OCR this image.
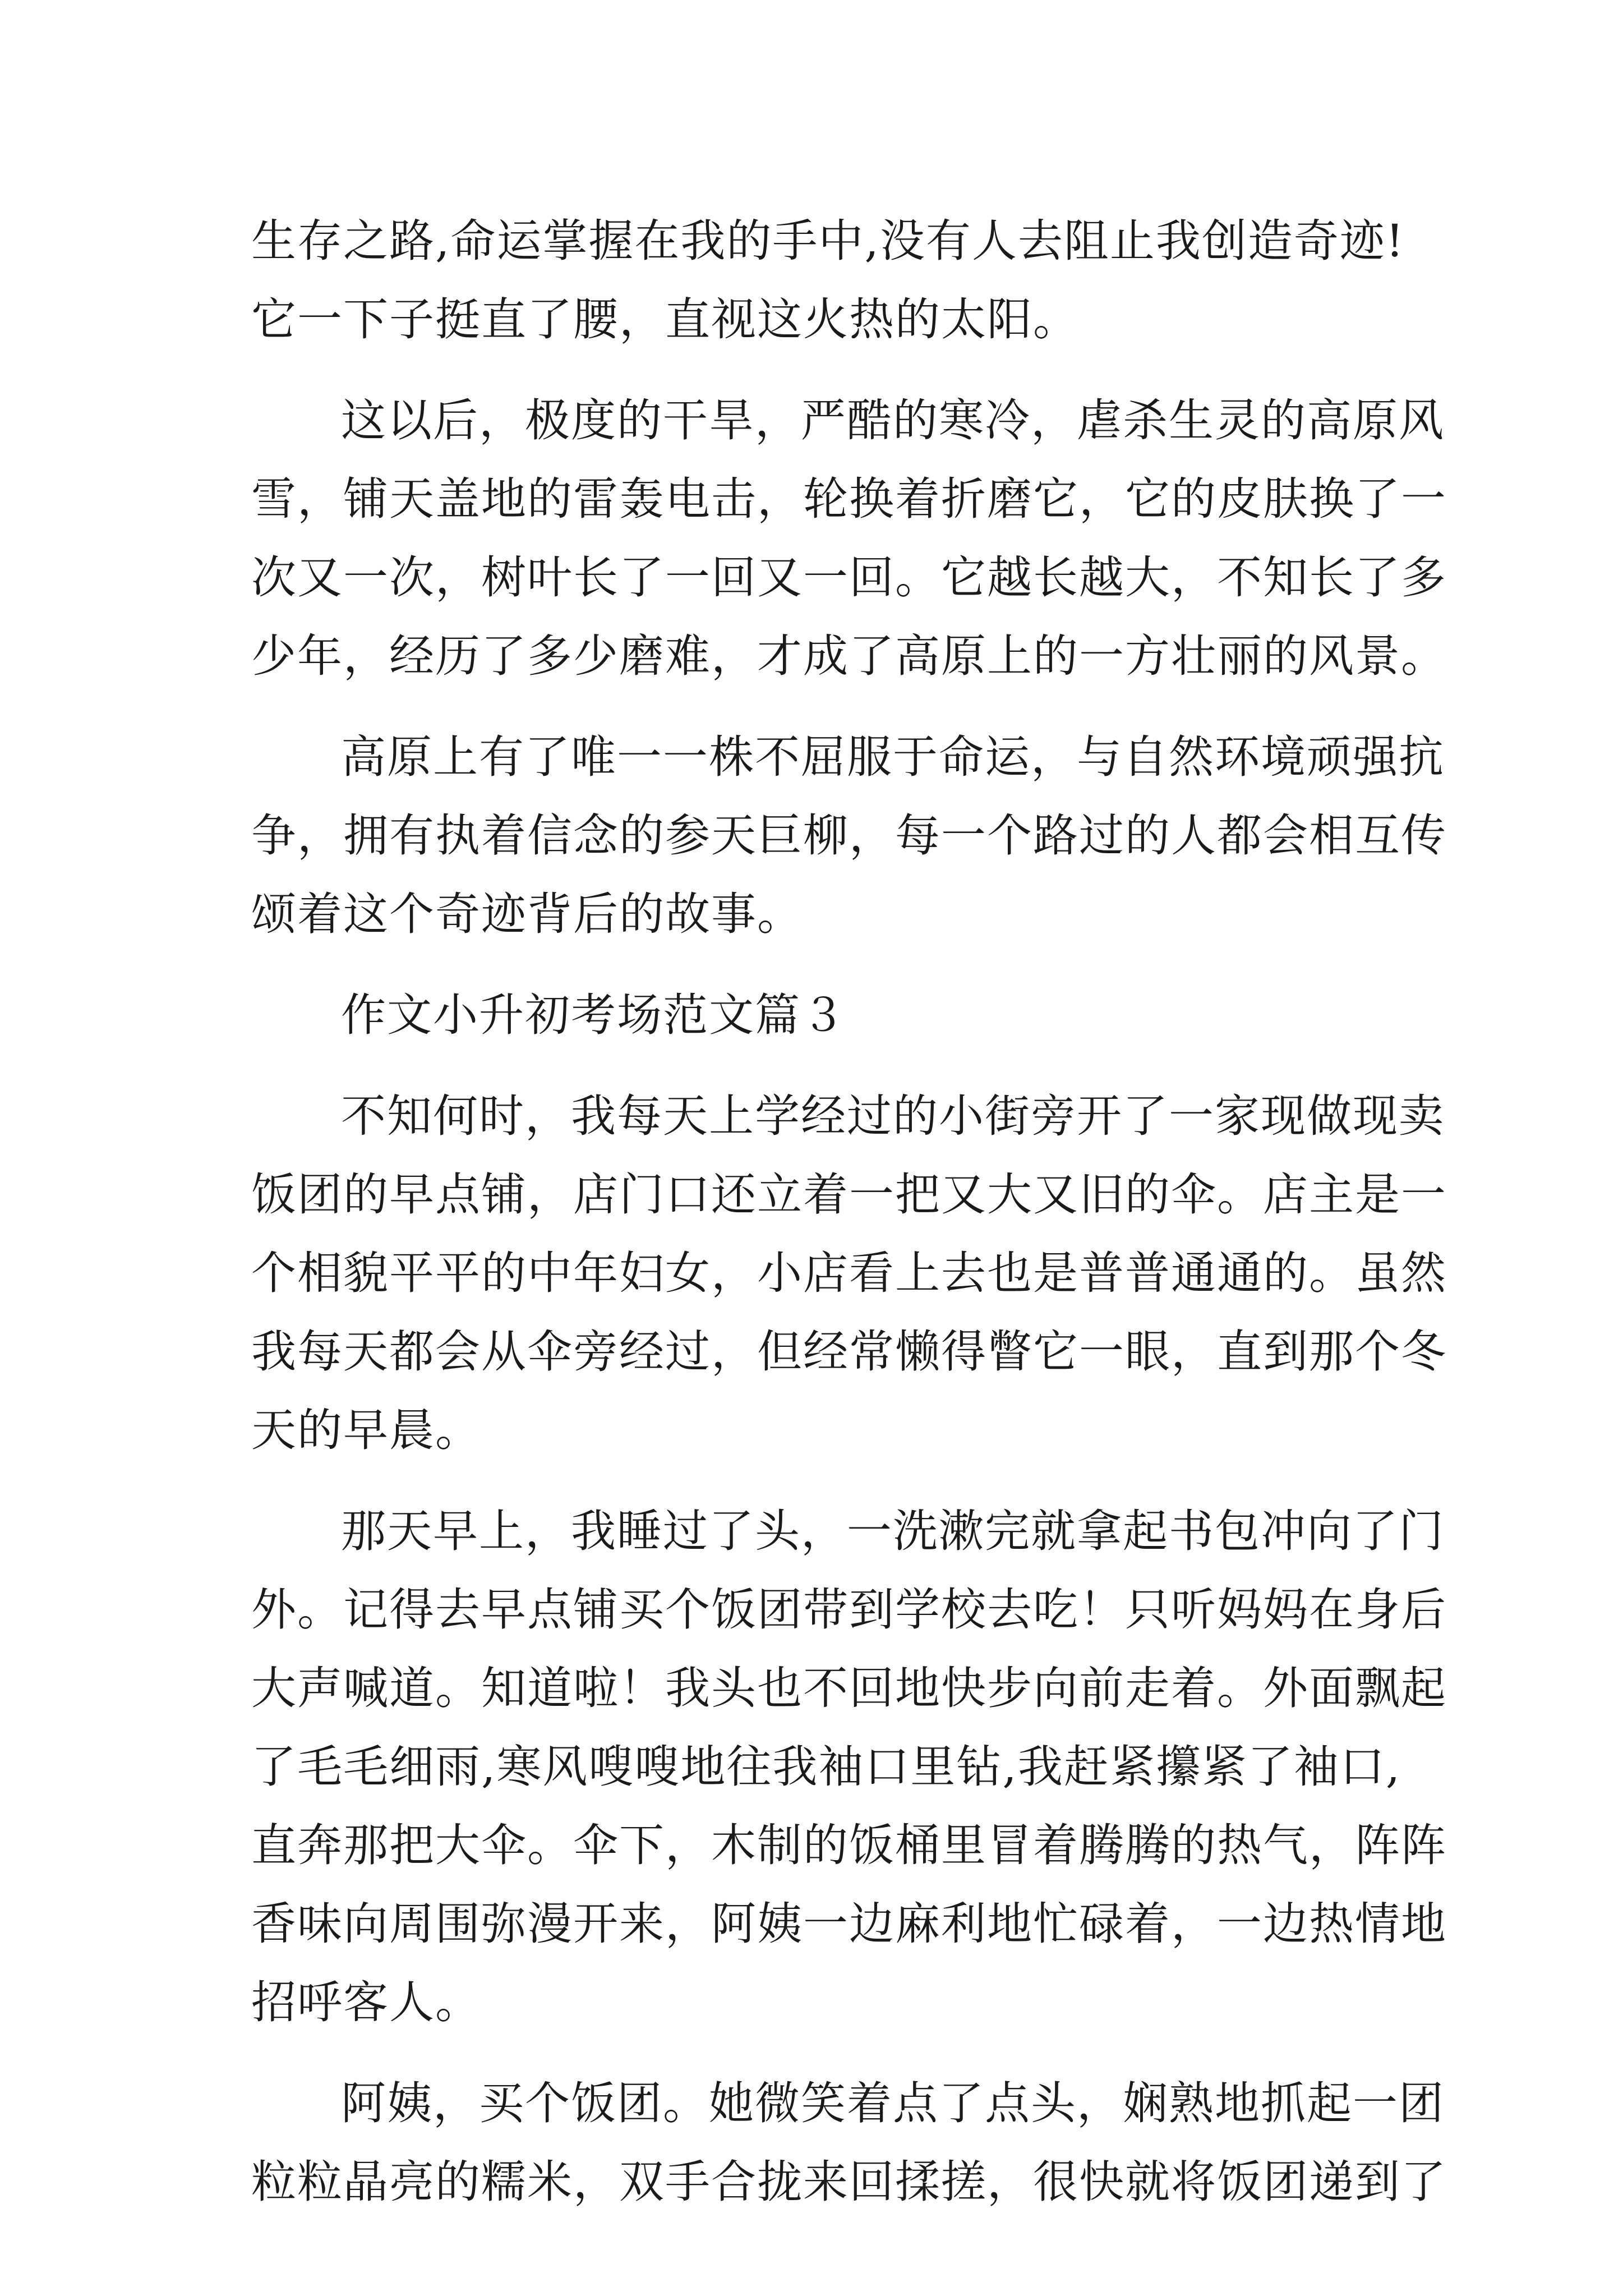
生存之路,命运掌握在我的手中,没有人去阻止我创造奇迹!
它一下子挺直了腰，直视这火热的太阳。
这以后，极度的干旱，严酷的寒冷，虐杀生灵的高原风
雪，铺天盖地的雷轰电击，轮换着折磨它，它的皮肤换了一
次又一次，树叶长了一回又一回。它越长越大，不知长了多
少年，经历了多少磨难，才成了高原上的一方壮丽的风景。
高原上有了唯一一株不屈服于命运，与自然环境顽强抗
争，拥有执着信念的参天巨柳，每一个路过的人都会相互传
颂着这个奇迹背后的故事。
作文小升初考场范文篇３
不知何时，我每天上学经过的小街旁开了一家现做现卖
饭团的早点铺，店门口还立着一把又大又旧的伞。店主是一
个相貌平平的中年妇女，小店看上去也是普普通通的。虽然
我每天都会从伞旁经过，但经常懒得瞥它一眼，直到那个冬
天的早晨。
那天早上，我睡过了头，一洗漱完就拿起书包冲向了门
外。记得去早点铺买个饭团带到学校去吃！只听妈妈在身后
大声喊道。知道啦！我头也不回地快步向前走着。外面飘起
了毛毛细雨,寒风嗖嗖地往我袖口里钻,我赶紧攥紧了袖口,
直奔那把大伞。伞下，木制的饭桶里冒着腾腾的热气，阵阵
香味向周围弥漫开来，阿姨一边麻利地忙碌着，一边热情地
招呼客人。
阿姨，买个饭团。她微笑着点了点头，娴熟地抓起一团
粒粒晶亮的糯米，双手合拢来回揉搓，很快就将饭团递到了
